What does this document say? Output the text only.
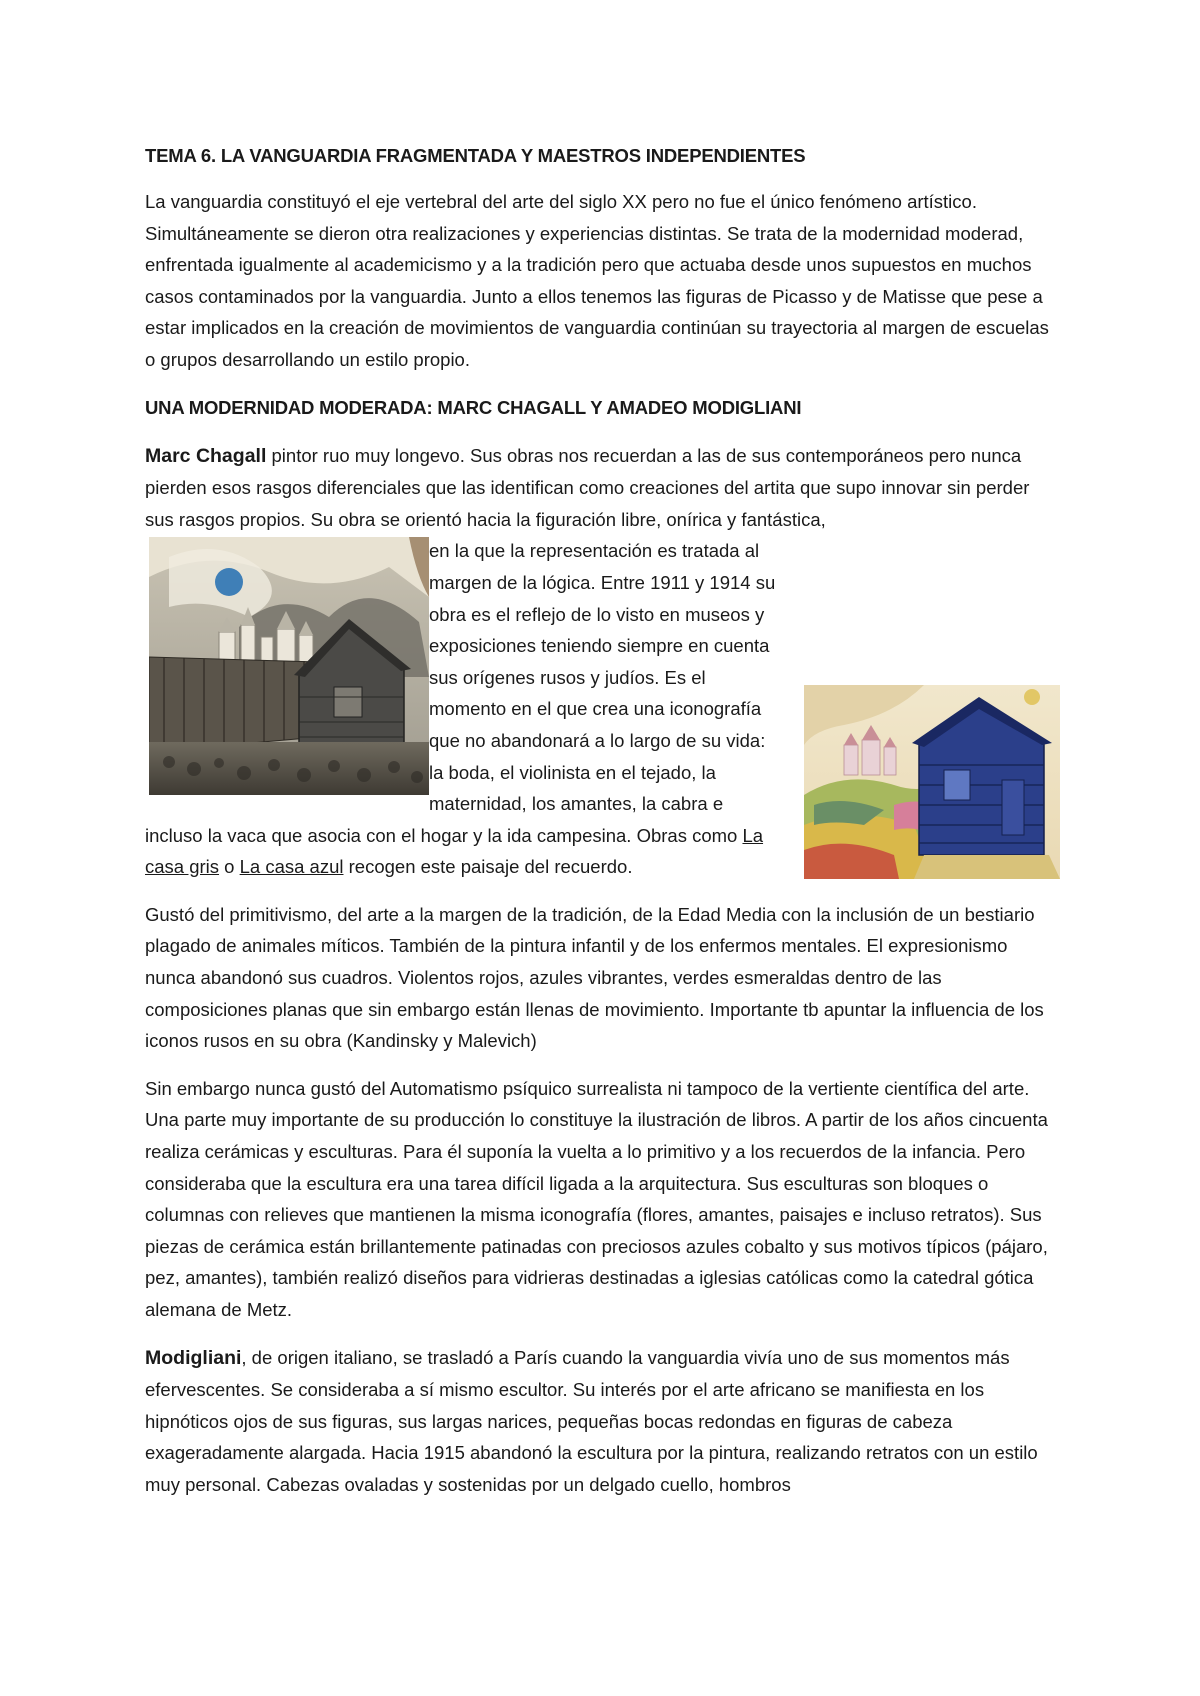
TEMA 6. LA VANGUARDIA FRAGMENTADA Y MAESTROS INDEPENDIENTES

La vanguardia constituyó el eje vertebral del arte del siglo XX pero no fue el único fenómeno artístico. Simultáneamente se dieron otra realizaciones y experiencias distintas. Se trata de la modernidad moderad, enfrentada igualmente al academicismo y a la tradición pero que actuaba desde unos supuestos en muchos casos contaminados por la vanguardia. Junto a ellos tenemos las figuras de Picasso y de Matisse que pese a estar implicados en la creación de movimientos de vanguardia continúan su trayectoria al margen de escuelas o grupos desarrollando un estilo propio.

UNA MODERNIDAD MODERADA: MARC CHAGALL Y AMADEO MODIGLIANI

Marc Chagall pintor ruo muy longevo. Sus obras nos recuerdan a las de sus contemporáneos pero nunca pierden esos rasgos diferenciales que las identifican como creaciones del artita que supo innovar sin perder sus rasgos propios. Su obra se orientó hacia la figuración libre, onírica y fantástica,

en la que la representación es tratada al margen de la lógica. Entre 1911 y 1914 su obra es el reflejo de lo visto en museos y exposiciones teniendo siempre en cuenta sus orígenes rusos y judíos. Es el momento en el que crea una iconografía que no abandonará a lo largo de su vida: la boda, el violinista en el tejado, la maternidad, los amantes, la cabra e incluso la vaca que asocia con el hogar y la ida campesina. Obras como La casa gris o La casa azul recogen este paisaje del recuerdo.

Gustó del primitivismo, del arte a la margen de la tradición, de la Edad Media con la inclusión de un bestiario plagado de animales míticos. También de la pintura infantil y de los enfermos mentales. El expresionismo nunca abandonó sus cuadros. Violentos rojos, azules vibrantes, verdes esmeraldas dentro de las composiciones planas que sin embargo están llenas de movimiento. Importante tb apuntar la influencia de los iconos rusos en su obra (Kandinsky y Malevich)

Sin embargo nunca gustó del Automatismo psíquico surrealista ni tampoco de la vertiente científica del arte. Una parte muy importante de su producción lo constituye la ilustración de libros. A partir de los años cincuenta realiza cerámicas y esculturas. Para él suponía la vuelta a lo primitivo y a los recuerdos de la infancia. Pero consideraba que la escultura era una tarea difícil ligada a la arquitectura. Sus esculturas son bloques o columnas con relieves que mantienen la misma iconografía (flores, amantes, paisajes e incluso retratos). Sus piezas de cerámica están brillantemente patinadas con preciosos azules cobalto y sus motivos típicos (pájaro, pez, amantes), también realizó diseños para vidrieras destinadas a iglesias católicas como la catedral gótica alemana de Metz.

Modigliani, de origen italiano, se trasladó a París cuando la vanguardia vivía uno de sus momentos más efervescentes. Se consideraba a sí mismo escultor. Su interés por el arte africano se manifiesta en los hipnóticos ojos de sus figuras, sus largas narices, pequeñas bocas redondas en figuras de cabeza exageradamente alargada. Hacia 1915 abandonó la escultura por la pintura, realizando retratos con un estilo muy personal. Cabezas ovaladas y sostenidas por un delgado cuello, hombros
